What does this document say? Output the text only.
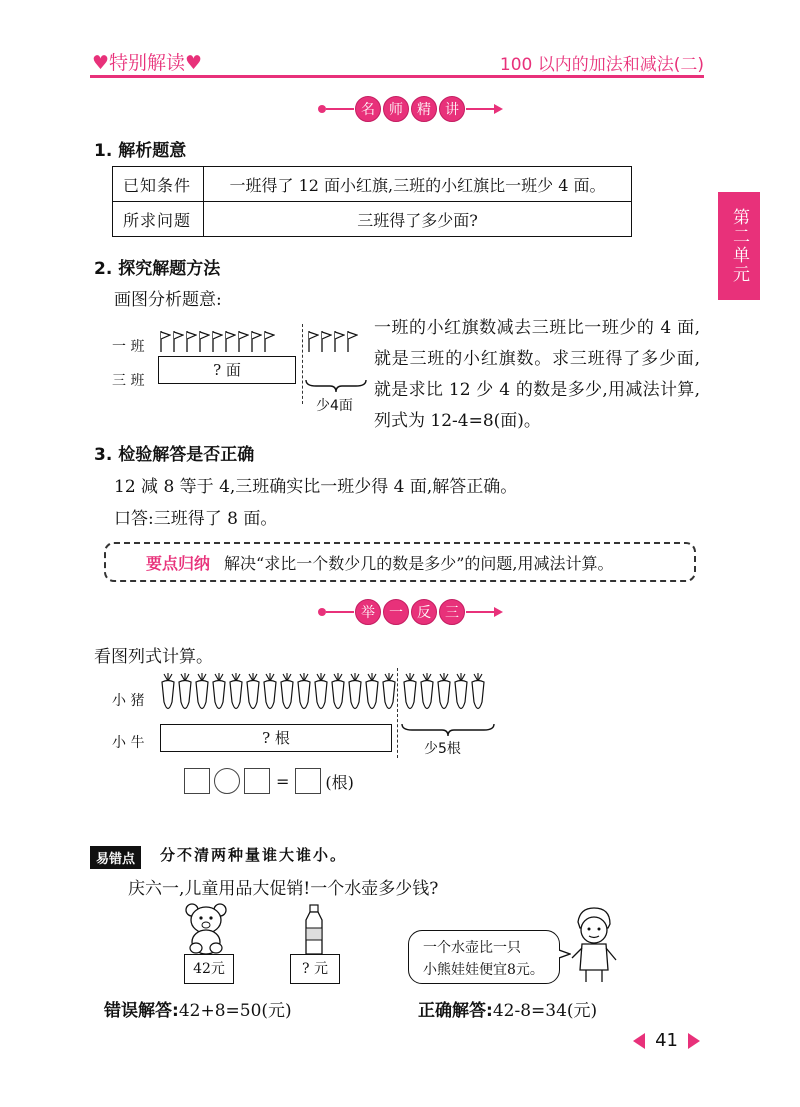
♥特别解读♥	100 以内的加法和减法(二)
第二单元
名	师	精	讲
1. 解析题意
已知条件	一班得了 12 面小红旗,三班的小红旗比一班少 4 面。
所求问题	三班得了多少面?
2. 探究解题方法
画图分析题意:
一 班
三 班
? 面
少4面
一班的小红旗数减去三班比一班少的 4 面,就是三班的小红旗数。求三班得了多少面,就是求比 12 少 4 的数是多少,用减法计算,列式为 12-4=8(面)。
3. 检验解答是否正确
12 减 8 等于 4,三班确实比一班少得 4 面,解答正确。
口答:三班得了 8 面。
要点归纳 解决“求比一个数少几的数是多少”的问题,用减法计算。
举	一	反	三
看图列式计算。
小 猪
小 牛	? 根
少5根
= (根)
易错点	分不清两种量谁大谁小。
庆六一,儿童用品大促销!一个水壶多少钱?
42元	? 元
一个水壶比一只
小熊娃娃便宜8元。
错误解答:42+8=50(元)	正确解答:42-8=34(元)
41
